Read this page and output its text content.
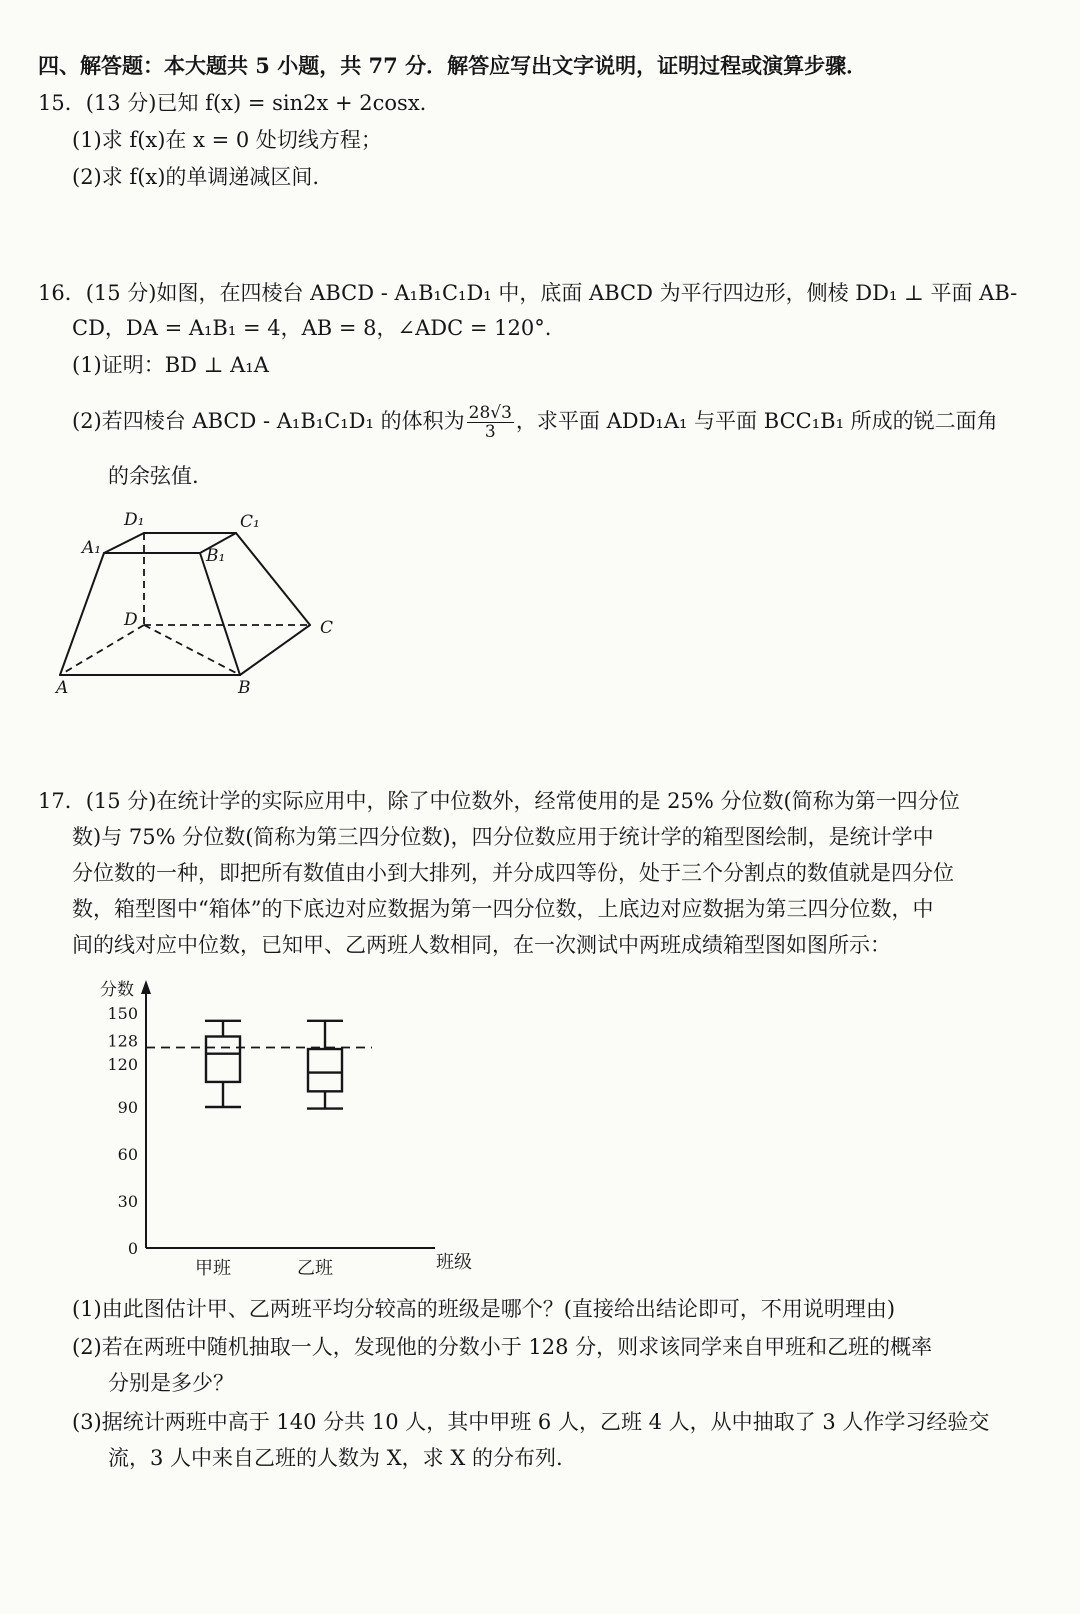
四、解答题：本大题共 5 小题，共 77 分．解答应写出文字说明，证明过程或演算步骤．
15．(13 分)已知 f(x) = sin2x + 2cosx.
(1)求 f(x)在 x = 0 处切线方程；
(2)求 f(x)的单调递减区间.
16．(15 分)如图，在四棱台 ABCD - A₁B₁C₁D₁ 中，底面 ABCD 为平行四边形，侧棱 DD₁ ⊥ 平面 AB-
CD，DA = A₁B₁ = 4，AB = 8，∠ADC = 120°.
(1)证明：BD ⊥ A₁A
(2)若四棱台 ABCD - A₁B₁C₁D₁ 的体积为 $\frac{28√3}{3}$ ，求平面 ADD₁A₁ 与平面 BCC₁B₁ 所成的锐二面角
的余弦值.
D₁	C₁
A₁	B₁
D	C
A	B
17．(15 分)在统计学的实际应用中，除了中位数外，经常使用的是 25% 分位数(简称为第一四分位
数)与 75% 分位数(简称为第三四分位数)，四分位数应用于统计学的箱型图绘制，是统计学中
分位数的一种，即把所有数值由小到大排列，并分成四等份，处于三个分割点的数值就是四分位
数，箱型图中“箱体”的下底边对应数据为第一四分位数，上底边对应数据为第三四分位数，中
间的线对应中位数，已知甲、乙两班人数相同，在一次测试中两班成绩箱型图如图所示：
0
30
60
90
120
128
150
分数
班级
甲班	乙班
(1)由此图估计甲、乙两班平均分较高的班级是哪个？(直接给出结论即可，不用说明理由)
(2)若在两班中随机抽取一人，发现他的分数小于 128 分，则求该同学来自甲班和乙班的概率
分别是多少？
(3)据统计两班中高于 140 分共 10 人，其中甲班 6 人，乙班 4 人，从中抽取了 3 人作学习经验交
流，3 人中来自乙班的人数为 X，求 X 的分布列.
